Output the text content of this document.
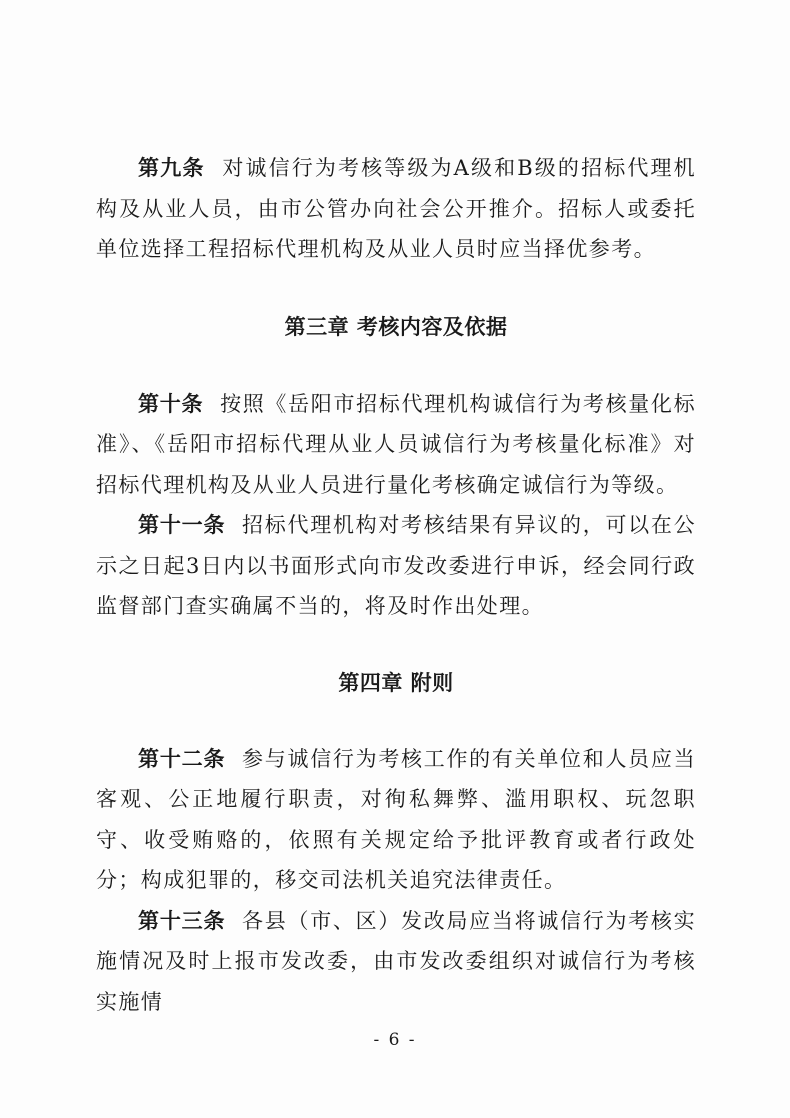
第九条 对诚信行为考核等级为A级和B级的招标代理机构及从业人员，由市公管办向社会公开推介。招标人或委托单位选择工程招标代理机构及从业人员时应当择优参考。

第三章 考核内容及依据

第十条 按照《岳阳市招标代理机构诚信行为考核量化标准》、《岳阳市招标代理从业人员诚信行为考核量化标准》对招标代理机构及从业人员进行量化考核确定诚信行为等级。

第十一条 招标代理机构对考核结果有异议的，可以在公示之日起3日内以书面形式向市发改委进行申诉，经会同行政监督部门查实确属不当的，将及时作出处理。

第四章 附则

第十二条 参与诚信行为考核工作的有关单位和人员应当客观、公正地履行职责，对徇私舞弊、滥用职权、玩忽职守、收受贿赂的，依照有关规定给予批评教育或者行政处分；构成犯罪的，移交司法机关追究法律责任。

第十三条 各县（市、区）发改局应当将诚信行为考核实施情况及时上报市发改委，由市发改委组织对诚信行为考核实施情

- 6 -
